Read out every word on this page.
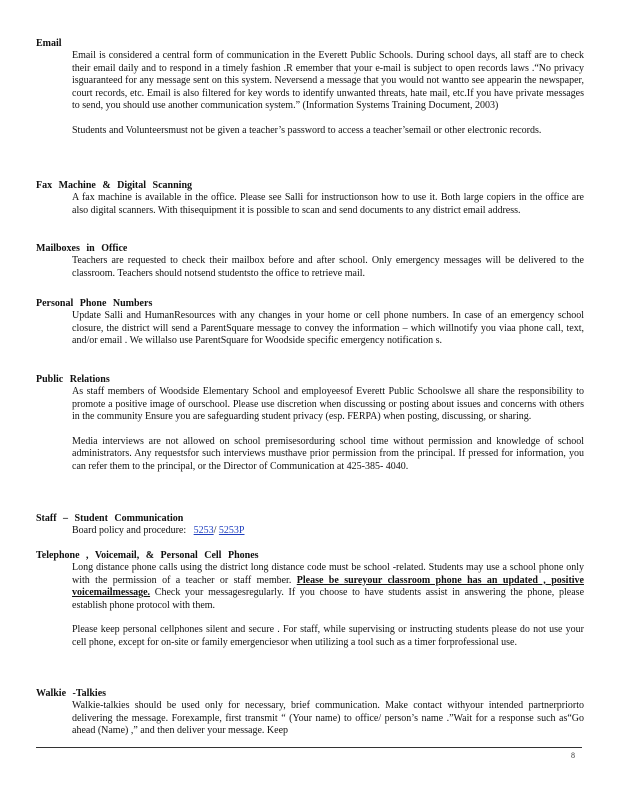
Email

Email is considered a central form of communication in the Everett Public Schools. During school days, all staff are to check their email daily and to respond in a timely fashion .R emember that your e-mail is subject to open records laws .“No privacy isguaranteed for any message sent on this system. Neversend a message that you would not wantto see appearin the newspaper, court records, etc. Email is also filtered for key words to identify unwanted threats, hate mail, etc.If you have private messages to send, you should use another communication system.” (Information Systems Training Document, 2003)

Students and Volunteersmust not be given a teacher’s password to access a teacher’semail or other electronic records.

Fax Machine & Digital Scanning

A fax machine is available in the office. Please see Salli for instructionson how to use it. Both large copiers in the office are also digital scanners. With thisequipment it is possible to scan and send documents to any district email address.

Mailboxes in Office

Teachers are requested to check their mailbox before and after school. Only emergency messages will be delivered to the classroom. Teachers should notsend studentsto the office to retrieve mail.

Personal Phone Numbers

Update Salli and HumanResources with any changes in your home or cell phone numbers. In case of an emergency school closure, the district will send a ParentSquare message to convey the information – which willnotify you viaa phone call, text, and/or email . We willalso use ParentSquare for Woodside specific emergency notification s.

Public Relations

As staff members of Woodside Elementary School and employeesof Everett Public Schoolswe all share the responsibility to promote a positive image of ourschool. Please use discretion when discussing or posting about issues and concerns with others in the community Ensure you are safeguarding student privacy (esp. FERPA) when posting, discussing, or sharing.

Media interviews are not allowed on school premisesorduring school time without permission and knowledge of school administrators. Any requestsfor such interviews musthave prior permission from the principal. If pressed for information, you can refer them to the principal, or the Director of Communication at 425-385- 4040.

Staff – Student Communication

Board policy and procedure: 5253/ 5253P

Telephone , Voicemail, & Personal Cell Phones

Long distance phone calls using the district long distance code must be school -related. Students may use a school phone only with the permission of a teacher or staff member. Please be sureyour classroom phone has an updated , positive voicemailmessage. Check your messagesregularly. If you choose to have students assist in answering the phone, please establish phone protocol with them.

Please keep personal cellphones silent and secure . For staff, while supervising or instructing students please do not use your cell phone, except for on-site or family emergenciesor when utilizing a tool such as a timer forprofessional use.

Walkie -Talkies

Walkie-talkies should be used only for necessary, brief communication. Make contact withyour intended partnerpriorto delivering the message. Forexample, first transmit “ (Your name) to office/ person’s name .”Wait for a response such as“Go ahead (Name) ,” and then deliver your message. Keep

8
